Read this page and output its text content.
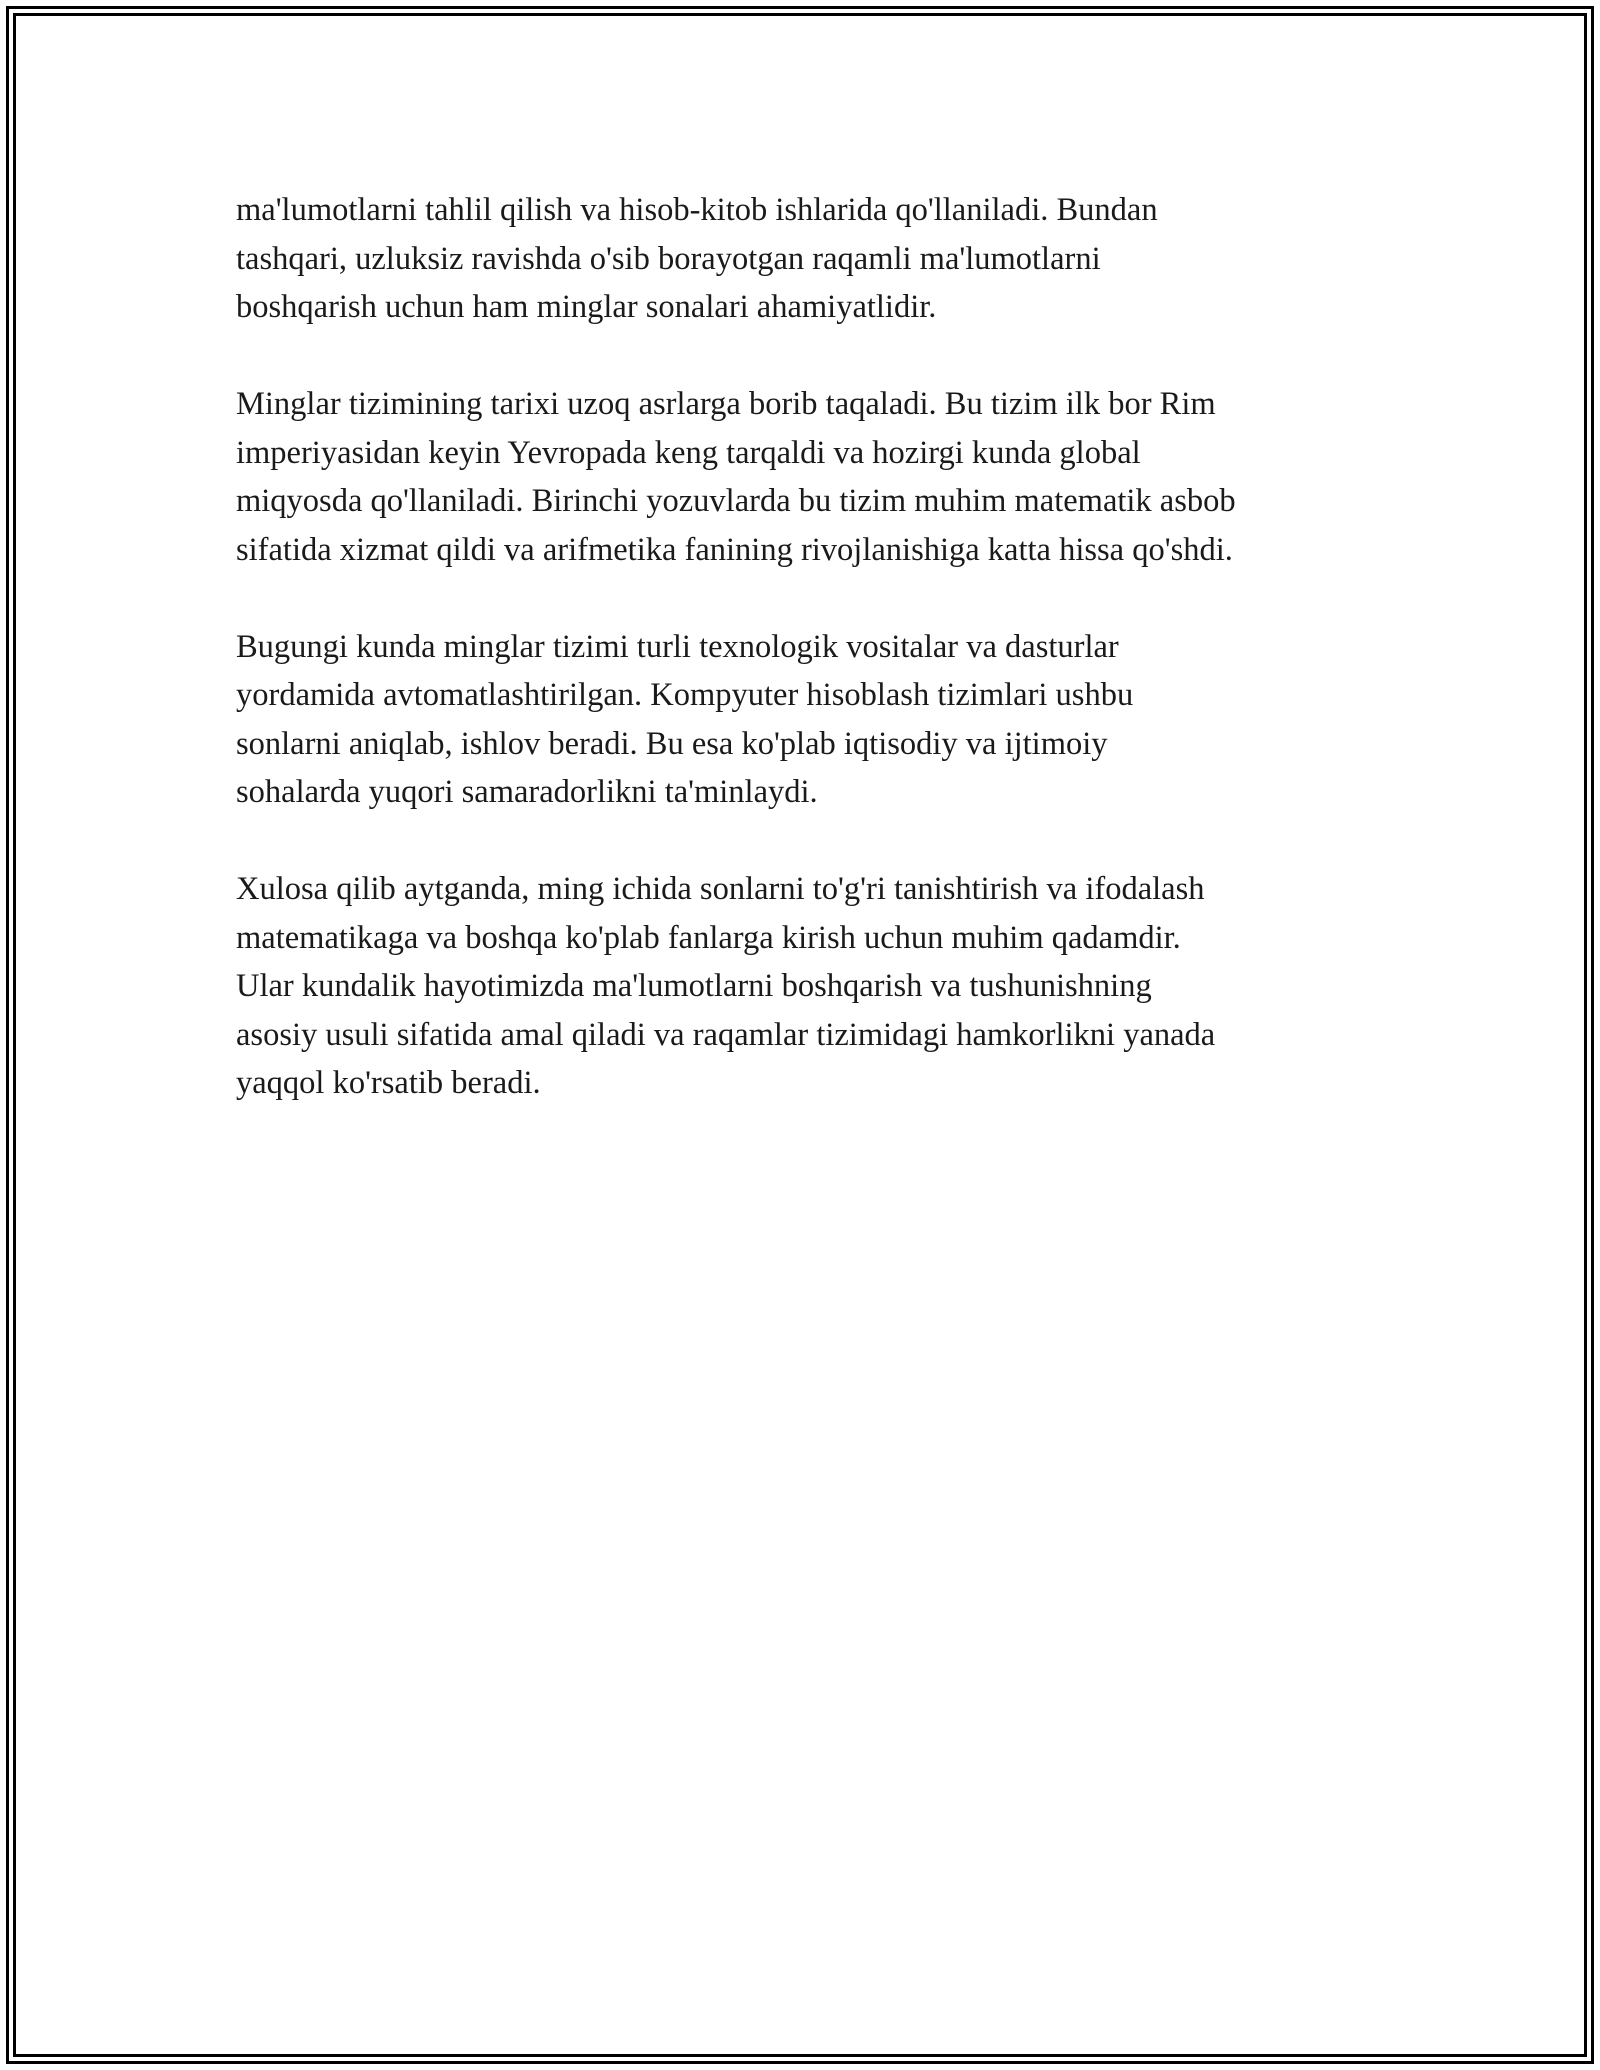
ma'lumotlarni tahlil qilish va hisob-kitob ishlarida qo'llaniladi. Bundan
tashqari, uzluksiz ravishda o'sib borayotgan raqamli ma'lumotlarni
boshqarish uchun ham minglar sonalari ahamiyatlidir.

Minglar tizimining tarixi uzoq asrlarga borib taqaladi. Bu tizim ilk bor Rim
imperiyasidan keyin Yevropada keng tarqaldi va hozirgi kunda global
miqyosda qo'llaniladi. Birinchi yozuvlarda bu tizim muhim matematik asbob
sifatida xizmat qildi va arifmetika fanining rivojlanishiga katta hissa qo'shdi.

Bugungi kunda minglar tizimi turli texnologik vositalar va dasturlar
yordamida avtomatlashtirilgan. Kompyuter hisoblash tizimlari ushbu
sonlarni aniqlab, ishlov beradi. Bu esa ko'plab iqtisodiy va ijtimoiy
sohalarda yuqori samaradorlikni ta'minlaydi.

Xulosa qilib aytganda, ming ichida sonlarni to'g'ri tanishtirish va ifodalash
matematikaga va boshqa ko'plab fanlarga kirish uchun muhim qadamdir.
Ular kundalik hayotimizda ma'lumotlarni boshqarish va tushunishning
asosiy usuli sifatida amal qiladi va raqamlar tizimidagi hamkorlikni yanada
yaqqol ko'rsatib beradi.
